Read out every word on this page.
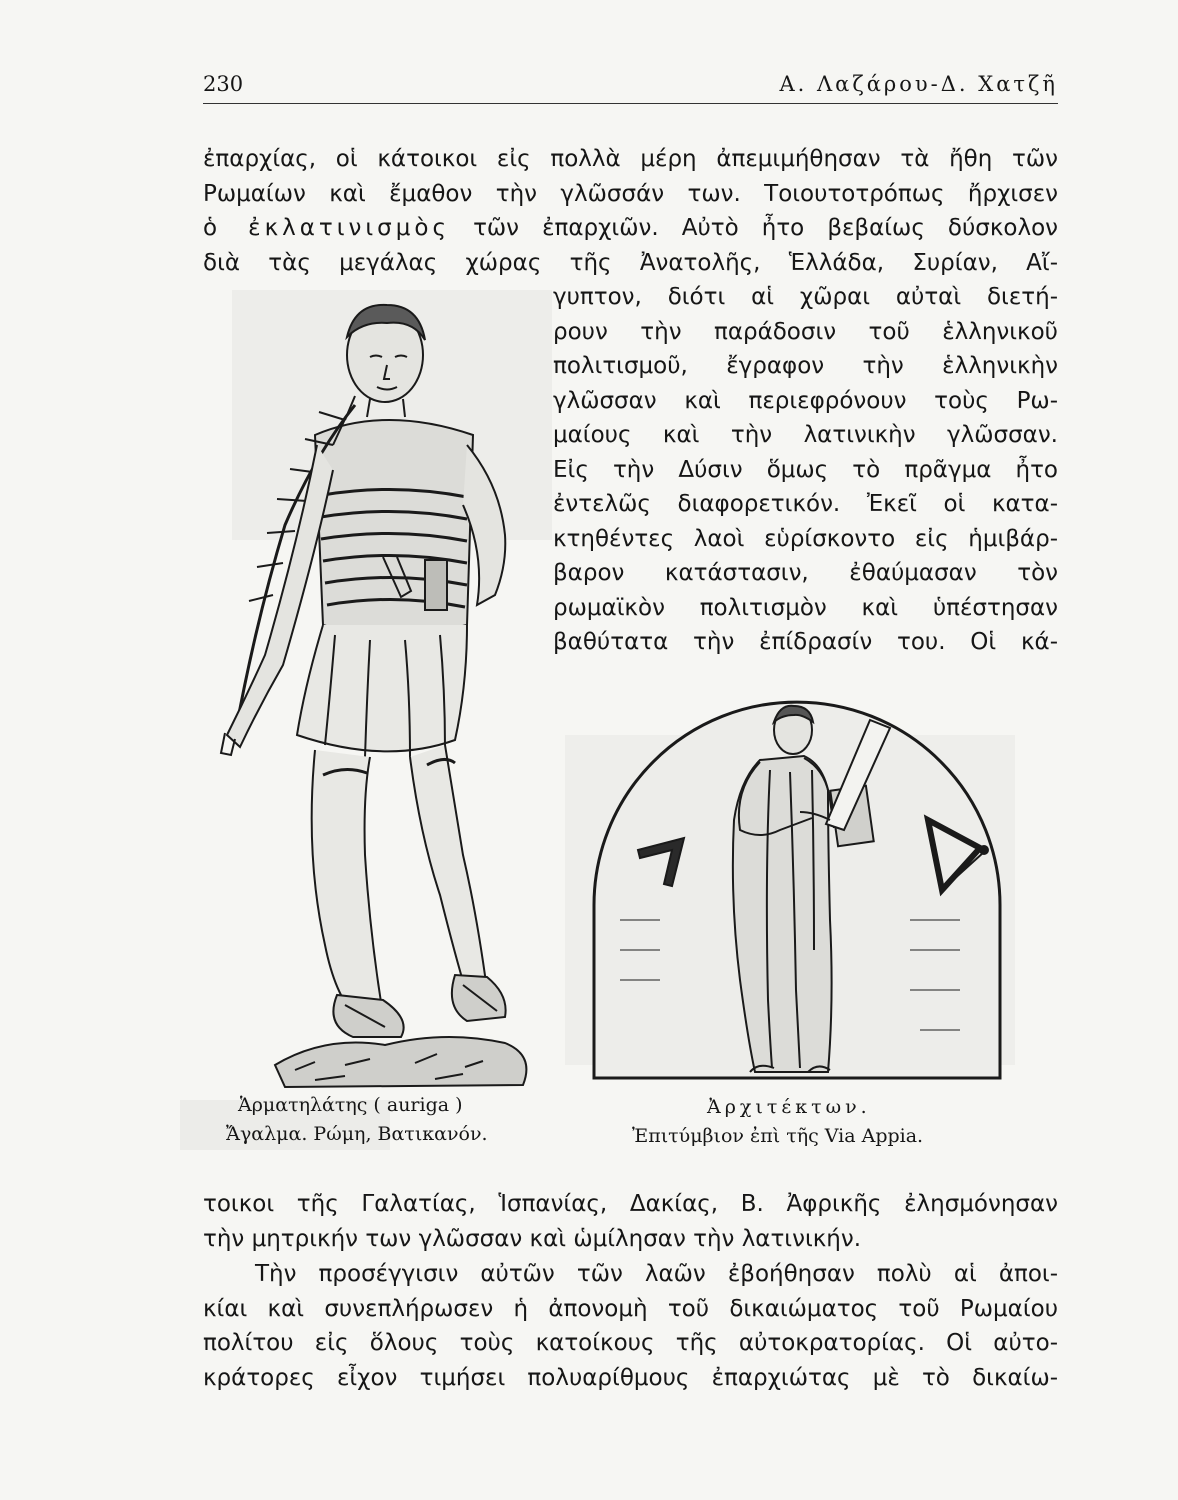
230	Α. Λαζάρου-Δ. Χατζῆ
ἐπαρχίας, οἱ κάτοικοι εἰς πολλὰ μέρη ἀπεμιμήθησαν τὰ ἤθη τῶν
Ρωμαίων καὶ ἔμαθον τὴν γλῶσσάν των. Τοιουτοτρόπως ἤρχισεν
ὁ ἐκλατινισμὸς τῶν ἐπαρχιῶν. Αὐτὸ ἦτο βεβαίως δύσκολον
διὰ τὰς μεγάλας χώρας τῆς Ἀνατολῆς, Ἑλλάδα, Συρίαν, Αἴ-
γυπτον, διότι αἱ χῶραι αὐταὶ διετή-
ρουν τὴν παράδοσιν τοῦ ἑλληνικοῦ
πολιτισμοῦ, ἔγραφον τὴν ἑλληνικὴν
γλῶσσαν καὶ περιεφρόνουν τοὺς Ρω-
μαίους καὶ τὴν λατινικὴν γλῶσσαν.
Εἰς τὴν Δύσιν ὅμως τὸ πρᾶγμα ἦτο
ἐντελῶς διαφορετικόν. Ἐκεῖ οἱ κατα-
κτηθέντες λαοὶ εὑρίσκοντο εἰς ἡμιβάρ-
βαρον κατάστασιν, ἐθαύμασαν τὸν
ρωμαϊκὸν πολιτισμὸν καὶ ὑπέστησαν
βαθύτατα τὴν ἐπίδρασίν του. Οἱ κά-
Ἁρματηλάτης ( auriga )
Ἄγαλμα. Ρώμη, Βατικανόν.
Ἀρχιτέκτων.
Ἐπιτύμβιον ἐπὶ τῆς Via Appia.
τοικοι τῆς Γαλατίας, Ἱσπανίας, Δακίας, Β. Ἀφρικῆς ἐλησμόνησαν
τὴν μητρικήν των γλῶσσαν καὶ ὡμίλησαν τὴν λατινικήν.
Τὴν προσέγγισιν αὐτῶν τῶν λαῶν ἐβοήθησαν πολὺ αἱ ἀποι-
κίαι καὶ συνεπλήρωσεν ἡ ἀπονομὴ τοῦ δικαιώματος τοῦ Ρωμαίου
πολίτου εἰς ὅλους τοὺς κατοίκους τῆς αὐτοκρατορίας. Οἱ αὐτο-
κράτορες εἶχον τιμήσει πολυαρίθμους ἐπαρχιώτας μὲ τὸ δικαίω-
